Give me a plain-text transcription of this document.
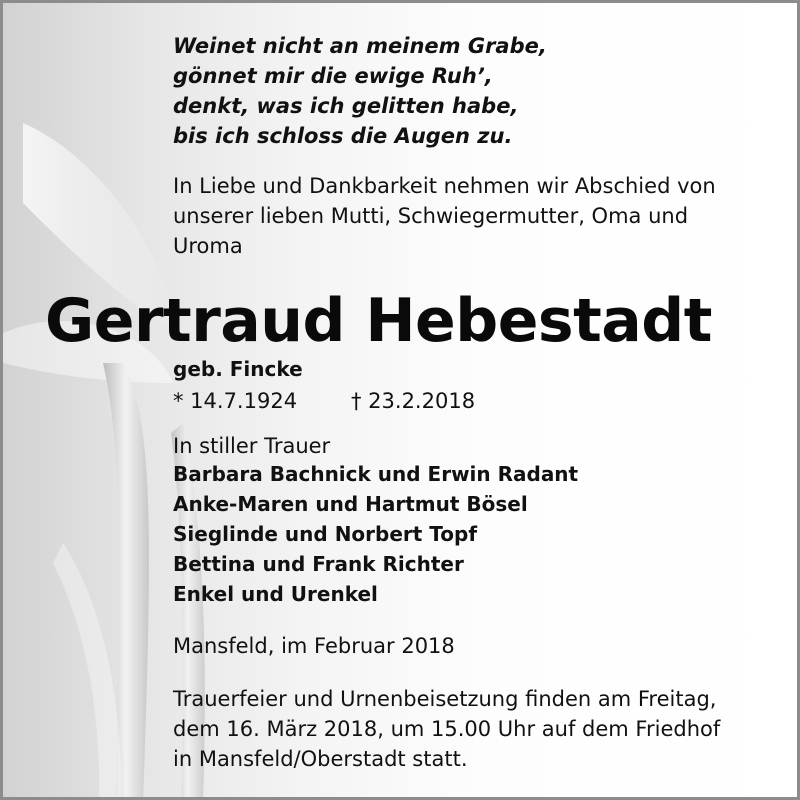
Weinet nicht an meinem Grabe,
gönnet mir die ewige Ruh’,
denkt, was ich gelitten habe,
bis ich schloss die Augen zu.
In Liebe und Dankbarkeit nehmen wir Abschied von
unserer lieben Mutti, Schwiegermutter, Oma und
Uroma
Gertraud Hebestadt
geb. Fincke
* 14.7.1924	† 23.2.2018
In stiller Trauer
Barbara Bachnick und Erwin Radant
Anke-Maren und Hartmut Bösel
Sieglinde und Norbert Topf
Bettina und Frank Richter
Enkel und Urenkel
Mansfeld, im Februar 2018
Trauerfeier und Urnenbeisetzung finden am Freitag,
dem 16. März 2018, um 15.00 Uhr auf dem Friedhof
in Mansfeld/Oberstadt statt.
